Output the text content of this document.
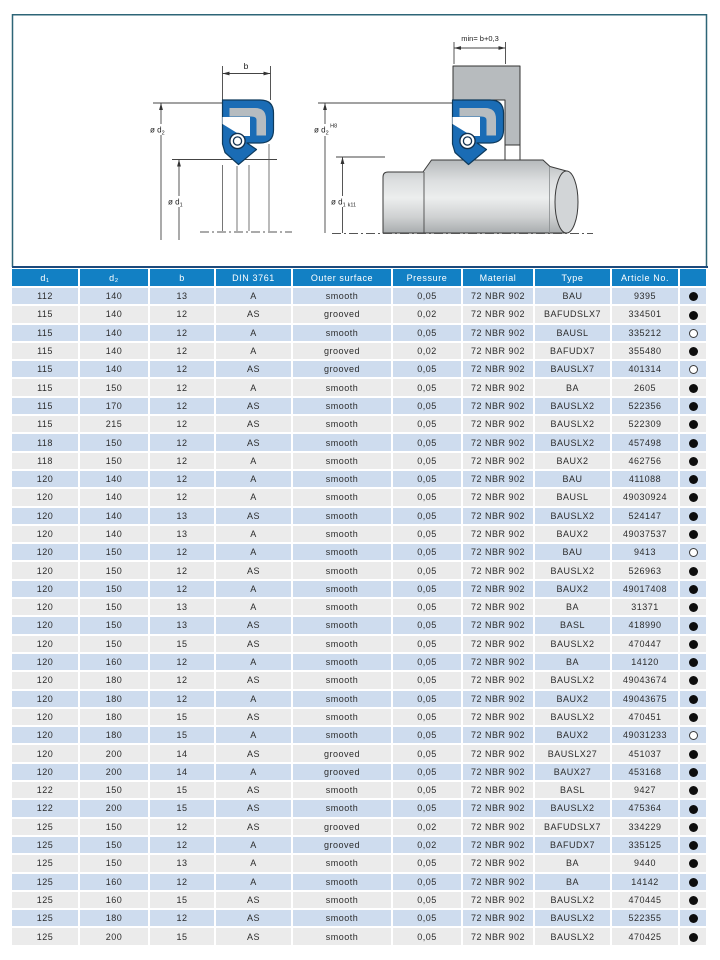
b
ø $d_2$
ø $d_1$
min= b+0,3
ø $d_2^{H8}$
ø $d_1$ k11
d₁	d₂	b	DIN 3761	Outer surface	Pressure	Material	Type	Article No.	
112	140	13	A	smooth	0,05	72 NBR 902	BAU	9395	
115	140	12	AS	grooved	0,02	72 NBR 902	BAFUDSLX7	334501	
115	140	12	A	smooth	0,05	72 NBR 902	BAUSL	335212	
115	140	12	A	grooved	0,02	72 NBR 902	BAFUDX7	355480	
115	140	12	AS	grooved	0,05	72 NBR 902	BAUSLX7	401314	
115	150	12	A	smooth	0,05	72 NBR 902	BA	2605	
115	170	12	AS	smooth	0,05	72 NBR 902	BAUSLX2	522356	
115	215	12	AS	smooth	0,05	72 NBR 902	BAUSLX2	522309	
118	150	12	AS	smooth	0,05	72 NBR 902	BAUSLX2	457498	
118	150	12	A	smooth	0,05	72 NBR 902	BAUX2	462756	
120	140	12	A	smooth	0,05	72 NBR 902	BAU	411088	
120	140	12	A	smooth	0,05	72 NBR 902	BAUSL	49030924	
120	140	13	AS	smooth	0,05	72 NBR 902	BAUSLX2	524147	
120	140	13	A	smooth	0,05	72 NBR 902	BAUX2	49037537	
120	150	12	A	smooth	0,05	72 NBR 902	BAU	9413	
120	150	12	AS	smooth	0,05	72 NBR 902	BAUSLX2	526963	
120	150	12	A	smooth	0,05	72 NBR 902	BAUX2	49017408	
120	150	13	A	smooth	0,05	72 NBR 902	BA	31371	
120	150	13	AS	smooth	0,05	72 NBR 902	BASL	418990	
120	150	15	AS	smooth	0,05	72 NBR 902	BAUSLX2	470447	
120	160	12	A	smooth	0,05	72 NBR 902	BA	14120	
120	180	12	AS	smooth	0,05	72 NBR 902	BAUSLX2	49043674	
120	180	12	A	smooth	0,05	72 NBR 902	BAUX2	49043675	
120	180	15	AS	smooth	0,05	72 NBR 902	BAUSLX2	470451	
120	180	15	A	smooth	0,05	72 NBR 902	BAUX2	49031233	
120	200	14	AS	grooved	0,05	72 NBR 902	BAUSLX27	451037	
120	200	14	A	grooved	0,05	72 NBR 902	BAUX27	453168	
122	150	15	AS	smooth	0,05	72 NBR 902	BASL	9427	
122	200	15	AS	smooth	0,05	72 NBR 902	BAUSLX2	475364	
125	150	12	AS	grooved	0,02	72 NBR 902	BAFUDSLX7	334229	
125	150	12	A	grooved	0,02	72 NBR 902	BAFUDX7	335125	
125	150	13	A	smooth	0,05	72 NBR 902	BA	9440	
125	160	12	A	smooth	0,05	72 NBR 902	BA	14142	
125	160	15	AS	smooth	0,05	72 NBR 902	BAUSLX2	470445	
125	180	12	AS	smooth	0,05	72 NBR 902	BAUSLX2	522355	
125	200	15	AS	smooth	0,05	72 NBR 902	BAUSLX2	470425	
